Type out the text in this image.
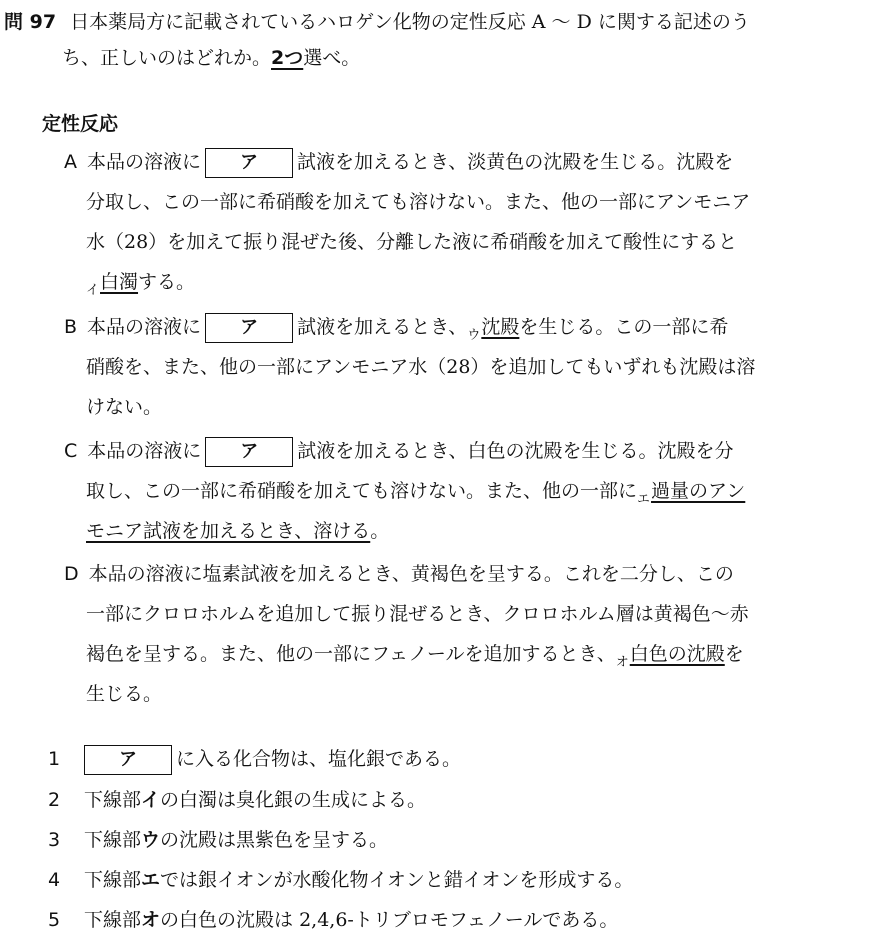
問 97 日本薬局方に記載されているハロゲン化物の定性反応 A ～ D に関する記述のう
ち、正しいのはどれか。2つ選べ。
定性反応
A 本品の溶液に ア 試液を加えるとき、淡黄色の沈殿を生じる。沈殿を
分取し、この一部に希硝酸を加えても溶けない。また、他の一部にアンモニア
水（28）を加えて振り混ぜた後、分離した液に希硝酸を加えて酸性にすると
$_イ$白濁する。
B 本品の溶液に ア 試液を加えるとき、$_ウ$沈殿を生じる。この一部に希
硝酸を、また、他の一部にアンモニア水（28）を追加してもいずれも沈殿は溶
けない。
C 本品の溶液に ア 試液を加えるとき、白色の沈殿を生じる。沈殿を分
取し、この一部に希硝酸を加えても溶けない。また、他の一部に$_エ$過量のアン
モニア試液を加えるとき、溶ける。
D 本品の溶液に塩素試液を加えるとき、黄褐色を呈する。これを二分し、この
一部にクロロホルムを追加して振り混ぜるとき、クロロホルム層は黄褐色～赤
褐色を呈する。また、他の一部にフェノールを追加するとき、$_オ$白色の沈殿を
生じる。
1	ア に入る化合物は、塩化銀である。
2 下線部イの白濁は臭化銀の生成による。
3 下線部ウの沈殿は黒紫色を呈する。
4 下線部エでは銀イオンが水酸化物イオンと錯イオンを形成する。
5 下線部オの白色の沈殿は 2,4,6-トリブロモフェノールである。
